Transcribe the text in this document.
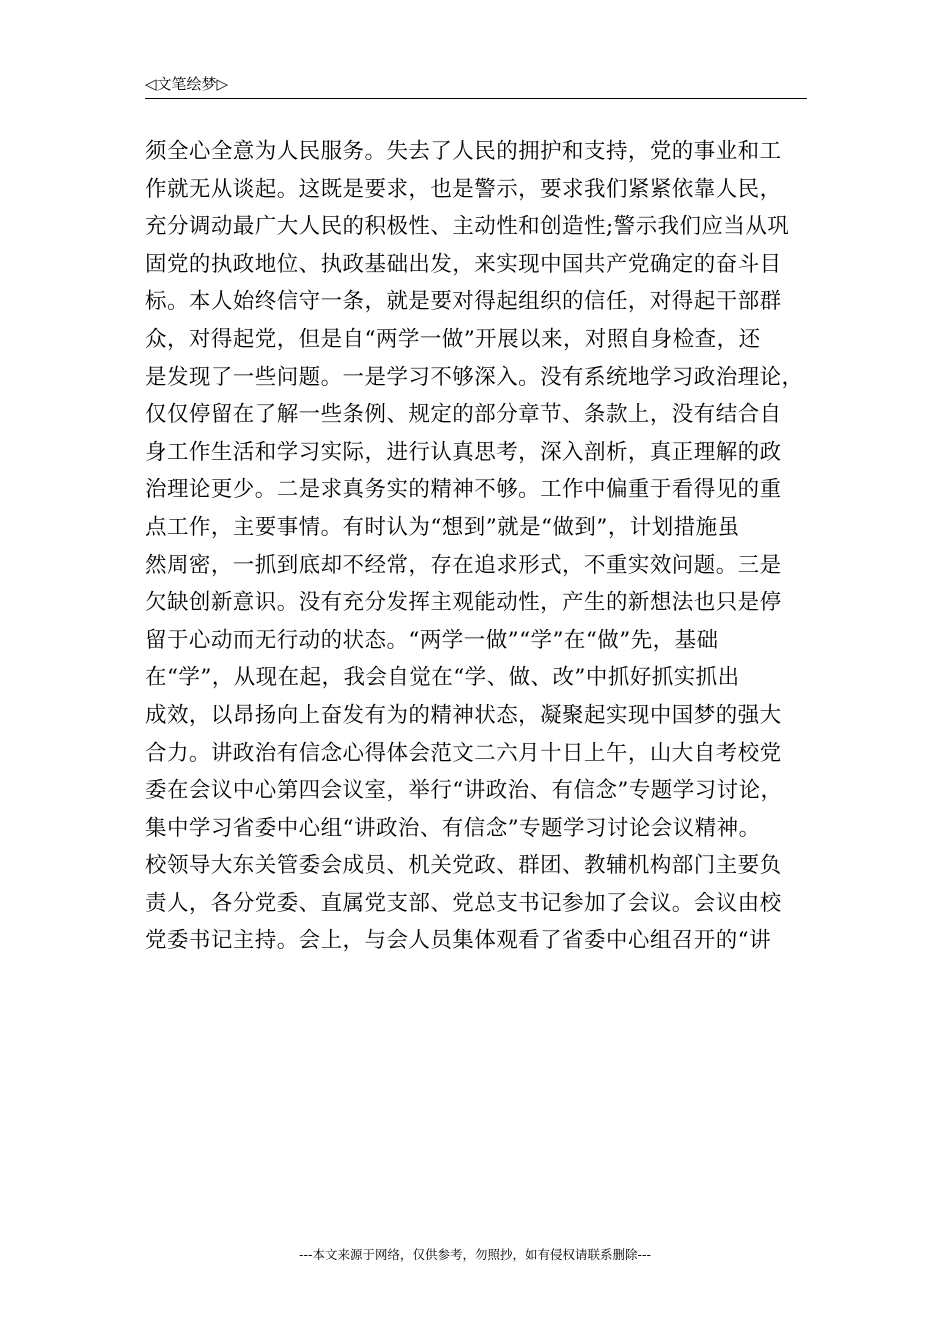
◁文笔绘梦▷
须全心全意为人民服务。失去了人民的拥护和支持，党的事业和工
作就无从谈起。这既是要求，也是警示，要求我们紧紧依靠人民，
充分调动最广大人民的积极性、主动性和创造性;警示我们应当从巩
固党的执政地位、执政基础出发，来实现中国共产党确定的奋斗目
标。本人始终信守一条，就是要对得起组织的信任，对得起干部群
众，对得起党，但是自“两学一做”开展以来，对照自身检查，还
是发现了一些问题。一是学习不够深入。没有系统地学习政治理论，
仅仅停留在了解一些条例、规定的部分章节、条款上，没有结合自
身工作生活和学习实际，进行认真思考，深入剖析，真正理解的政
治理论更少。二是求真务实的精神不够。工作中偏重于看得见的重
点工作，主要事情。有时认为“想到”就是“做到”，计划措施虽
然周密，一抓到底却不经常，存在追求形式，不重实效问题。三是
欠缺创新意识。没有充分发挥主观能动性，产生的新想法也只是停
留于心动而无行动的状态。“两学一做”“学”在“做”先，基础
在“学”，从现在起，我会自觉在“学、做、改”中抓好抓实抓出
成效，以昂扬向上奋发有为的精神状态，凝聚起实现中国梦的强大
合力。讲政治有信念心得体会范文二六月十日上午，山大自考校党
委在会议中心第四会议室，举行“讲政治、有信念”专题学习讨论，
集中学习省委中心组“讲政治、有信念”专题学习讨论会议精神。
校领导大东关管委会成员、机关党政、群团、教辅机构部门主要负
责人，各分党委、直属党支部、党总支书记参加了会议。会议由校
党委书记主持。会上，与会人员集体观看了省委中心组召开的“讲
---本文来源于网络，仅供参考，勿照抄，如有侵权请联系删除---
